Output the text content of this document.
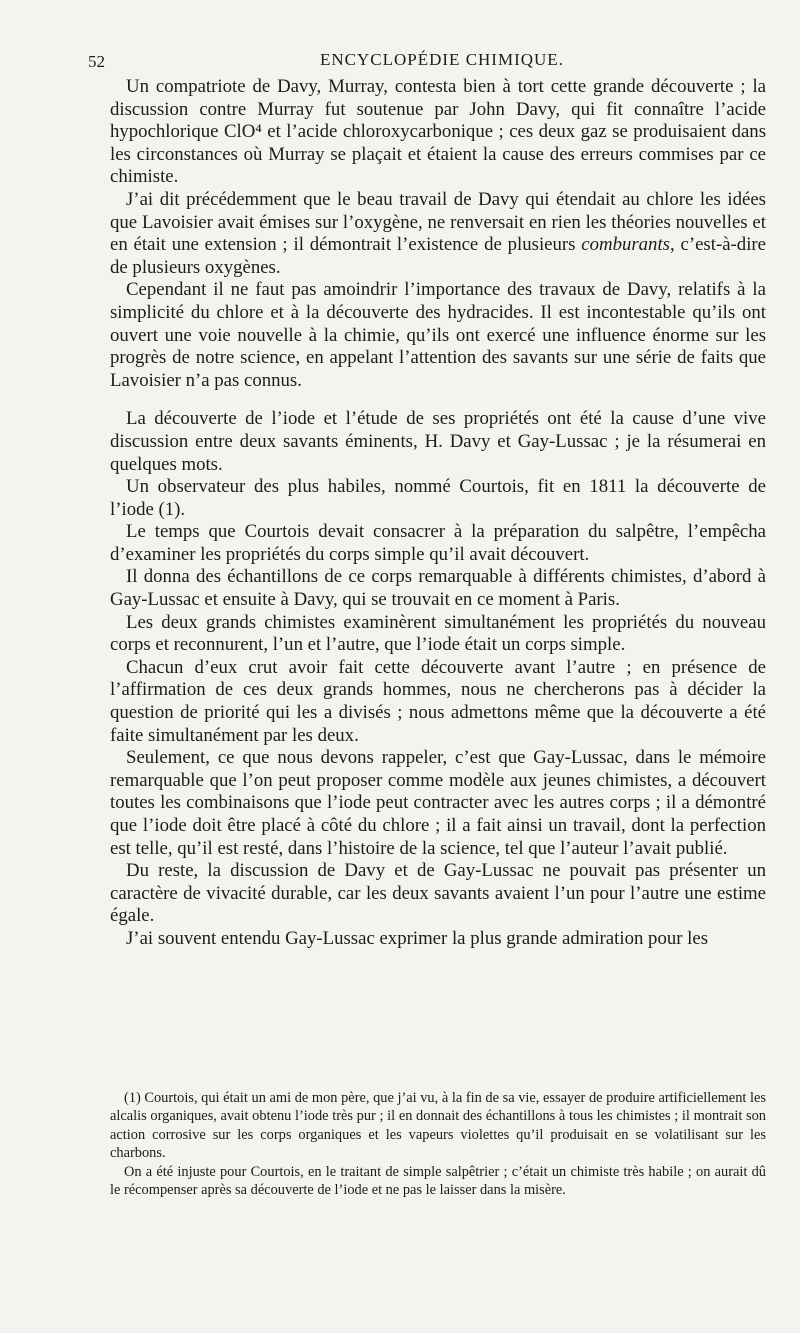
52	ENCYCLOPÉDIE CHIMIQUE.

Un compatriote de Davy, Murray, contesta bien à tort cette grande découverte ; la discussion contre Murray fut soutenue par John Davy, qui fit connaître l’acide hypochlorique ClO⁴ et l’acide chloroxycarbonique ; ces deux gaz se produisaient dans les circonstances où Murray se plaçait et étaient la cause des erreurs commises par ce chimiste.

J’ai dit précédemment que le beau travail de Davy qui étendait au chlore les idées que Lavoisier avait émises sur l’oxygène, ne renversait en rien les théories nouvelles et en était une extension ; il démontrait l’existence de plusieurs comburants, c’est-à-dire de plusieurs oxygènes.

Cependant il ne faut pas amoindrir l’importance des travaux de Davy, relatifs à la simplicité du chlore et à la découverte des hydracides. Il est incontestable qu’ils ont ouvert une voie nouvelle à la chimie, qu’ils ont exercé une influence énorme sur les progrès de notre science, en appelant l’attention des savants sur une série de faits que Lavoisier n’a pas connus.

La découverte de l’iode et l’étude de ses propriétés ont été la cause d’une vive discussion entre deux savants éminents, H. Davy et Gay-Lussac ; je la résumerai en quelques mots.

Un observateur des plus habiles, nommé Courtois, fit en 1811 la découverte de l’iode (1).

Le temps que Courtois devait consacrer à la préparation du salpêtre, l’empêcha d’examiner les propriétés du corps simple qu’il avait découvert.

Il donna des échantillons de ce corps remarquable à différents chimistes, d’abord à Gay-Lussac et ensuite à Davy, qui se trouvait en ce moment à Paris.

Les deux grands chimistes examinèrent simultanément les propriétés du nouveau corps et reconnurent, l’un et l’autre, que l’iode était un corps simple.

Chacun d’eux crut avoir fait cette découverte avant l’autre ; en présence de l’affirmation de ces deux grands hommes, nous ne chercherons pas à décider la question de priorité qui les a divisés ; nous admettons même que la découverte a été faite simultanément par les deux.

Seulement, ce que nous devons rappeler, c’est que Gay-Lussac, dans le mémoire remarquable que l’on peut proposer comme modèle aux jeunes chimistes, a découvert toutes les combinaisons que l’iode peut contracter avec les autres corps ; il a démontré que l’iode doit être placé à côté du chlore ; il a fait ainsi un travail, dont la perfection est telle, qu’il est resté, dans l’histoire de la science, tel que l’auteur l’avait publié.

Du reste, la discussion de Davy et de Gay-Lussac ne pouvait pas présenter un caractère de vivacité durable, car les deux savants avaient l’un pour l’autre une estime égale.

J’ai souvent entendu Gay-Lussac exprimer la plus grande admiration pour les

(1) Courtois, qui était un ami de mon père, que j’ai vu, à la fin de sa vie, essayer de produire artificiellement les alcalis organiques, avait obtenu l’iode très pur ; il en donnait des échantillons à tous les chimistes ; il montrait son action corrosive sur les corps organiques et les vapeurs violettes qu’il produisait en se volatilisant sur les charbons.

On a été injuste pour Courtois, en le traitant de simple salpêtrier ; c’était un chimiste très habile ; on aurait dû le récompenser après sa découverte de l’iode et ne pas le laisser dans la misère.
